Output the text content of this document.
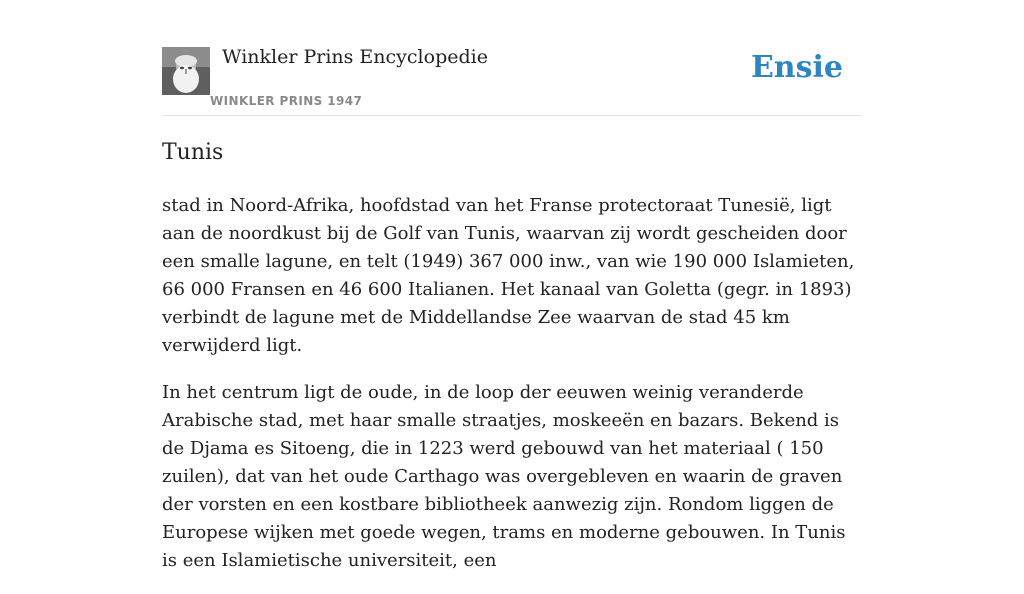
Winkler Prins Encyclopedie
WINKLER PRINS 1947
Ensie
Tunis

stad in Noord-Afrika, hoofdstad van het Franse protectoraat Tunesië, ligt aan de noordkust bij de Golf van Tunis, waarvan zij wordt gescheiden door een smalle lagune, en telt (1949) 367 000 inw., van wie 190 000 Islamieten, 66 000 Fransen en 46 600 Italianen. Het kanaal van Goletta (gegr. in 1893) verbindt de lagune met de Middellandse Zee waarvan de stad 45 km verwijderd ligt.

In het centrum ligt de oude, in de loop der eeuwen weinig veranderde Arabische stad, met haar smalle straatjes, moskeeën en bazars. Bekend is de Djama es Sitoeng, die in 1223 werd gebouwd van het materiaal ( 150 zuilen), dat van het oude Carthago was overgebleven en waarin de graven der vorsten en een kostbare bibliotheek aanwezig zijn. Rondom liggen de Europese wijken met goede wegen, trams en moderne gebouwen. In Tunis is een Islamietische universiteit, een
